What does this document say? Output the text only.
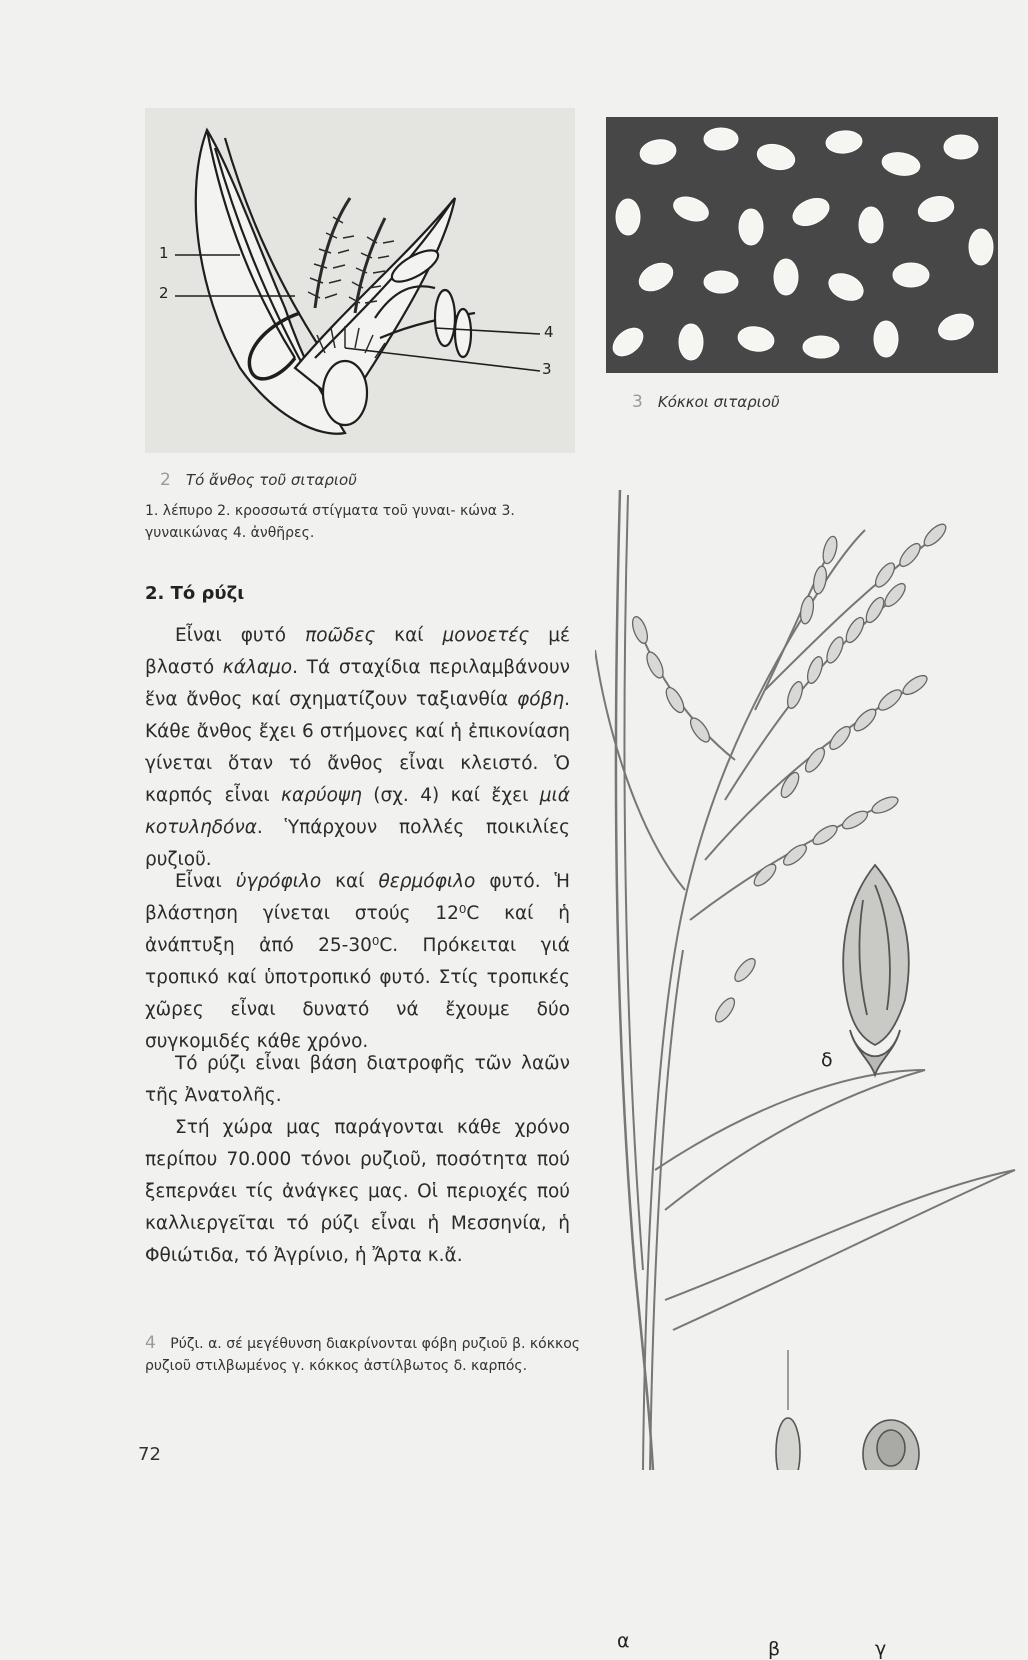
1
2
3
4
3 Κόκκοι σιταριοῦ
2 Τό ἄνθος τοῦ σιταριοῦ
1. λέπυρο 2. κροσσωτά στίγματα τοῦ γυναι- κώνα 3. γυναικώνας 4. ἀνθῆρες.
2. Τό ρύζι

Εἶναι φυτό ποῶδες καί μονοετές μέ βλαστό κάλαμο. Τά σταχίδια περιλαμβάνουν ἕνα ἄνθος καί σχηματίζουν ταξιανθία φόβη. Κάθε ἄνθος ἔχει 6 στήμονες καί ἡ ἐπικονίαση γίνεται ὅταν τό ἄνθος εἶναι κλειστό. Ὁ καρπός εἶναι καρύοψη (σχ. 4) καί ἔχει μιά κοτυληδόνα. Ὑπάρχουν πολλές ποικιλίες ρυζιοῦ.

Εἶναι ὑγρόφιλο καί θερμόφιλο φυτό. Ἡ βλάστηση γίνεται στούς 12⁰C καί ἡ ἀνάπτυξη ἀπό 25-30⁰C. Πρόκειται γιά τροπικό καί ὑποτροπικό φυτό. Στίς τροπικές χῶρες εἶναι δυνατό νά ἔχουμε δύο συγκομιδές κάθε χρόνο.

Τό ρύζι εἶναι βάση διατροφῆς τῶν λαῶν τῆς Ἀνατολῆς.

Στή χώρα μας παράγονται κάθε χρόνο περίπου 70.000 τόνοι ρυζιοῦ, ποσότητα πού ξεπερνάει τίς ἀνάγκες μας. Οἱ περιοχές πού καλλιεργεῖται τό ρύζι εἶναι ἡ Μεσσηνία, ἡ Φθιώτιδα, τό Ἀγρίνιο, ἡ Ἄρτα κ.ἄ.

4 Ρύζι. α. σέ μεγέθυνση διακρίνονται φόβη ρυζιοῦ β. κόκκος ρυζιοῦ στιλβωμένος γ. κόκκος ἀστίλβωτος δ. καρπός.
72
α	β	γ
δ
